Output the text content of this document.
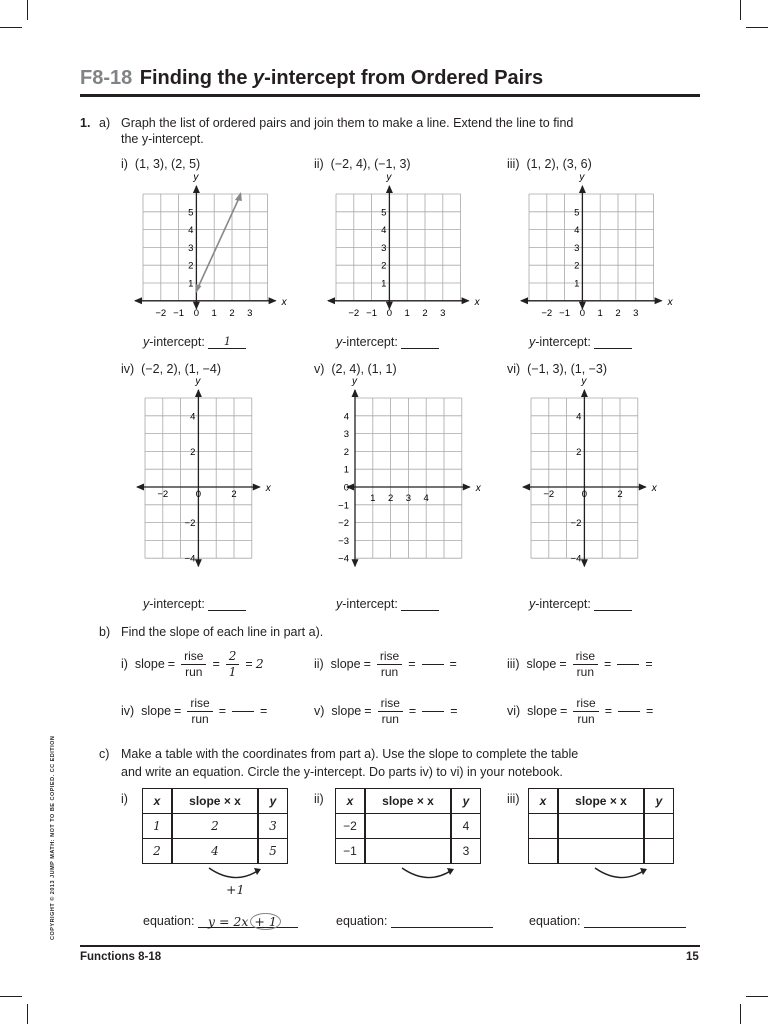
F8-18 Finding the y-intercept from Ordered Pairs
1. a) Graph the list of ordered pairs and join them to make a line. Extend the line to find
the y-intercept.
i) (1, 3), (2, 5)	ii) (−2, 4), (−1, 3)	iii) (1, 2), (3, 6)
x
y
−2 −1 0 1 2 3
5
4
3
2
1
x
y
−2 −1 0 1 2 3
5
4
3
2
1
x
y
−2 −1 0 1 2 3
5
4
3
2
1
y-intercept: 1	y-intercept:	y-intercept:
iv) (−2, 2), (1, −4)	v) (2, 4), (1, 1)	vi) (−1, 3), (1, −3)
x
y
−2	0	2
4
2
−2
−4
x
y
1 2 3 4
4
3
2
1
0
−1
−2
−3
−4
x
y
−2	0	2
4
2
−2
−4
y-intercept:	y-intercept:	y-intercept:
b) Find the slope of each line in part a).
i) slope = $\frac{\text{rise}}{\text{run}} = \frac{2}{1} = 2$	ii) slope = $\frac{\text{rise}}{\text{run}}$ =	=	iii) slope = $\frac{\text{rise}}{\text{run}}$ =	=
iv) slope = $\frac{\text{rise}}{\text{run}}$ =	=	v) slope = $\frac{\text{rise}}{\text{run}}$ =	=	vi) slope = $\frac{\text{rise}}{\text{run}}$ =	=
c) Make a table with the coordinates from part a). Use the slope to complete the table
and write an equation. Circle the y-intercept. Do parts iv) to vi) in your notebook.
i) x	slope × x	y
1	2	3
2	4	5
ii) x	slope × x	y
−2		4
−1		3
iii) x	slope × x	y

+1
equation: y = 2x + 1	equation:	equation:
Functions 8-18	15
COPYRIGHT © 2013 JUMP MATH: NOT TO BE COPIED. CC EDITION
